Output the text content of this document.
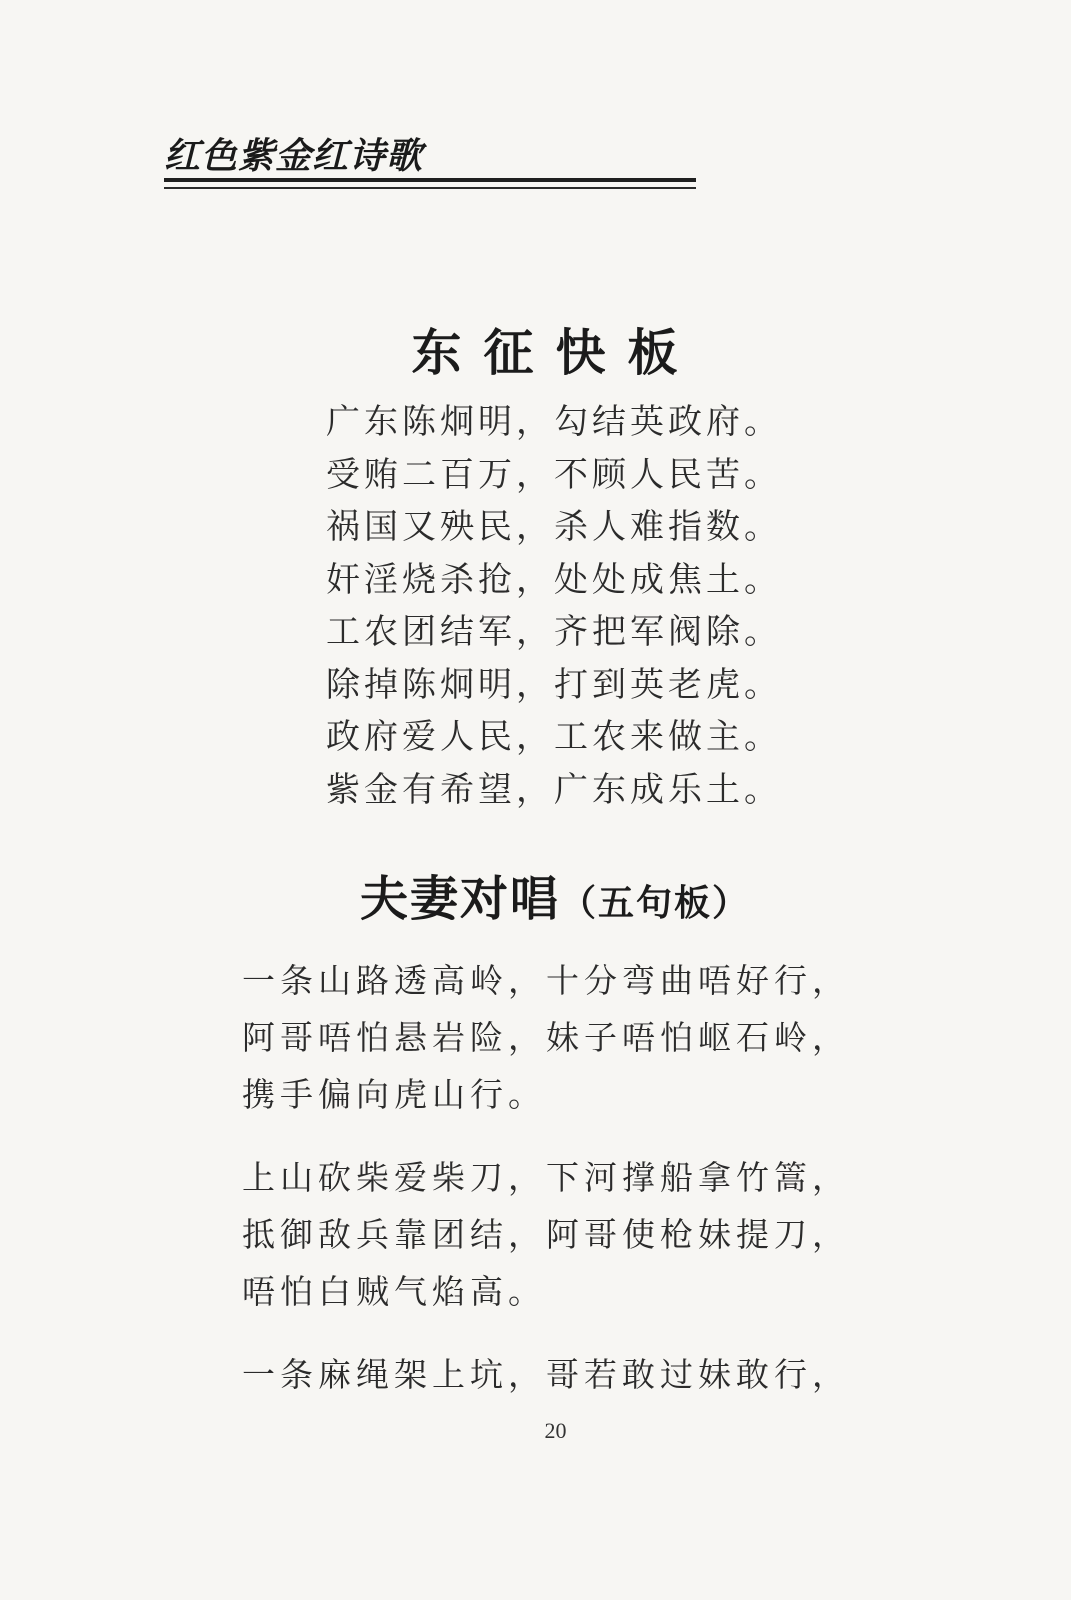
红色紫金红诗歌
东征快板
广东陈炯明，勾结英政府。
受贿二百万，不顾人民苦。
祸国又殃民，杀人难指数。
奸淫烧杀抢，处处成焦土。
工农团结军，齐把军阀除。
除掉陈炯明，打到英老虎。
政府爱人民，工农来做主。
紫金有希望，广东成乐土。
夫妻对唱（五句板）
一条山路透高岭，十分弯曲唔好行，
阿哥唔怕悬岩险，妹子唔怕岖石岭，
携手偏向虎山行。
上山砍柴爱柴刀，下河撑船拿竹篙，
抵御敌兵靠团结，阿哥使枪妹提刀，
唔怕白贼气焰高。
一条麻绳架上坑，哥若敢过妹敢行，
20
